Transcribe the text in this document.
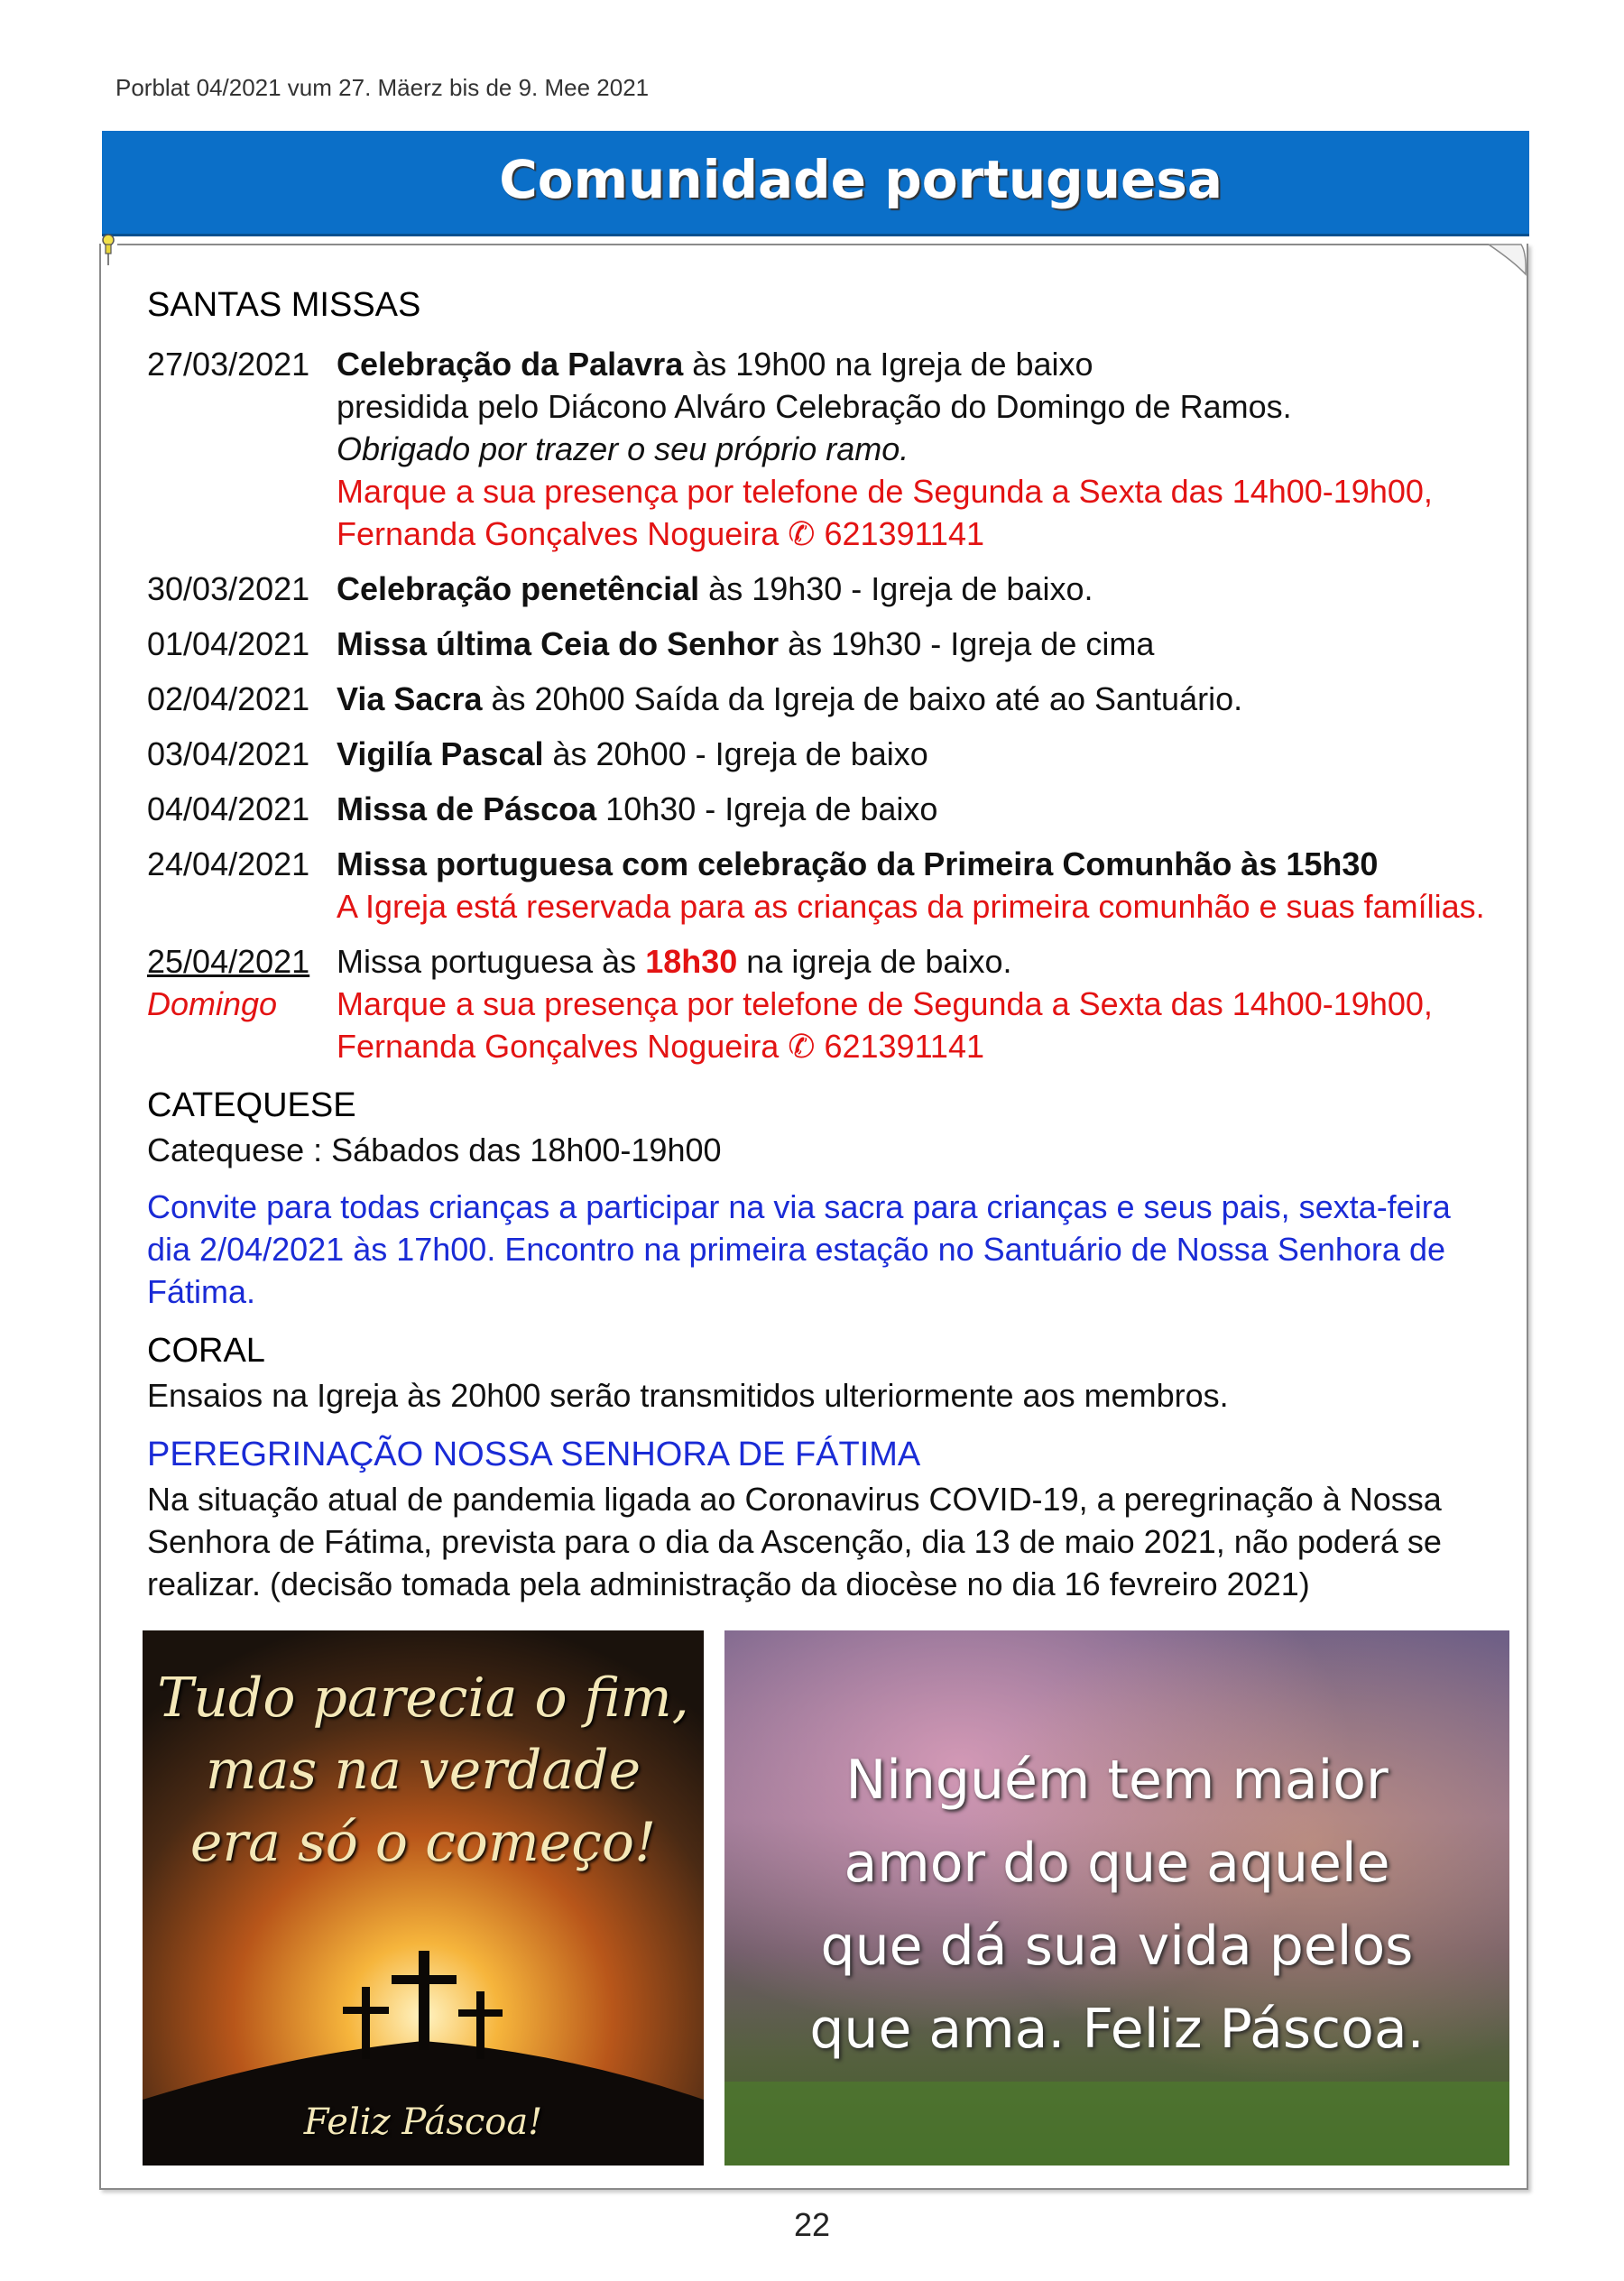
Porblat 04/2021 vum 27. Mäerz bis de 9. Mee 2021
Comunidade portuguesa
SANTAS MISSAS
27/03/2021 Celebração da Palavra às 19h00 na Igreja de baixo
presidida pelo Diácono Alváro Celebração do Domingo de Ramos.
Obrigado por trazer o seu próprio ramo.
Marque a sua presença por telefone de Segunda a Sexta das 14h00-19h00,
Fernanda Gonçalves Nogueira ✆ 621391141
30/03/2021 Celebração penetêncial às 19h30 - Igreja de baixo.
01/04/2021 Missa última Ceia do Senhor às 19h30 - Igreja de cima
02/04/2021 Via Sacra às 20h00 Saída da Igreja de baixo até ao Santuário.
03/04/2021 Vigilía Pascal às 20h00 - Igreja de baixo
04/04/2021 Missa de Páscoa 10h30 - Igreja de baixo
24/04/2021 Missa portuguesa com celebração da Primeira Comunhão às 15h30
A Igreja está reservada para as crianças da primeira comunhão e suas famílias.
25/04/2021
Domingo
Missa portuguesa às 18h30 na igreja de baixo.
Marque a sua presença por telefone de Segunda a Sexta das 14h00-19h00,
Fernanda Gonçalves Nogueira ✆ 621391141
CATEQUESE
Catequese : Sábados das 18h00-19h00
Convite para todas crianças a participar na via sacra para crianças e seus pais, sexta-feira dia 2/04/2021 às 17h00. Encontro na primeira estação no Santuário de Nossa Senhora de Fátima.
CORAL
Ensaios na Igreja às 20h00 serão transmitidos ulteriormente aos membros.
PEREGRINAÇÃO NOSSA SENHORA DE FÁTIMA
Na situação atual de pandemia ligada ao Coronavirus COVID-19, a peregrinação à Nossa Senhora de Fátima, prevista para o dia da Ascenção, dia 13 de maio 2021, não poderá se realizar. (decisão tomada pela administração da diocèse no dia 16 fevreiro 2021)
Tudo parecia o fim,
mas na verdade
era só o começo!
Feliz Páscoa!
Ninguém tem maior
amor do que aquele
que dá sua vida pelos
que ama. Feliz Páscoa.
22
